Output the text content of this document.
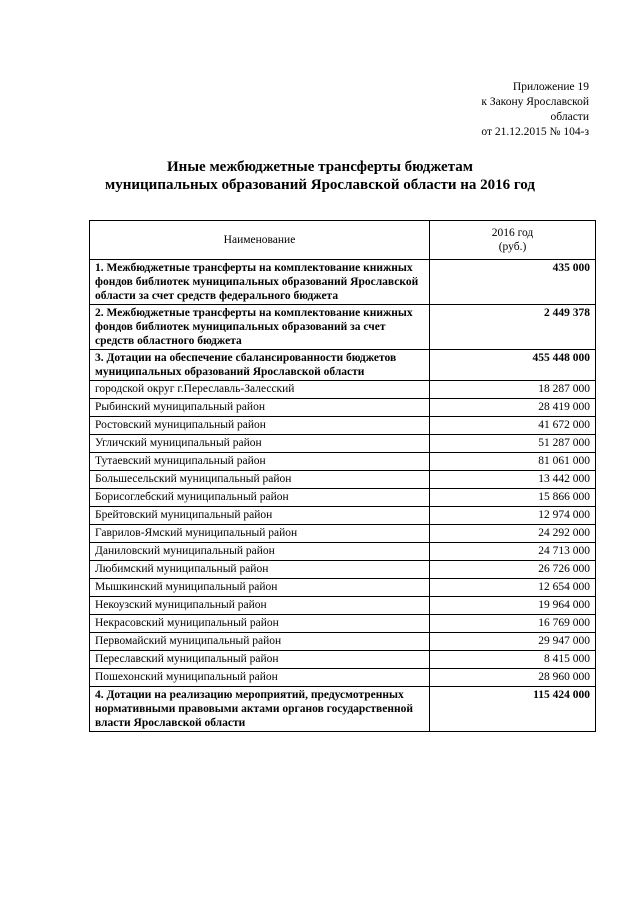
Приложение 19
к Закону Ярославской
области
от 21.12.2015 № 104-з
Иные межбюджетные трансферты бюджетам
муниципальных образований Ярославской области на 2016 год
Наименование	2016 год
(руб.)

1. Межбюджетные трансферты на комплектование книжных фондов библиотек муниципальных образований Ярославской области за счет средств федерального бюджета	435 000
2. Межбюджетные трансферты на комплектование книжных фондов библиотек муниципальных образований за счет средств областного бюджета	2 449 378
3. Дотации на обеспечение сбалансированности бюджетов муниципальных образований Ярославской области	455 448 000
городской округ г.Переславль-Залесский	18 287 000
Рыбинский муниципальный район	28 419 000
Ростовский муниципальный район	41 672 000
Угличский муниципальный район	51 287 000
Тутаевский муниципальный район	81 061 000
Большесельский муниципальный район	13 442 000
Борисоглебский муниципальный район	15 866 000
Брейтовский муниципальный район	12 974 000
Гаврилов-Ямский муниципальный район	24 292 000
Даниловский муниципальный район	24 713 000
Любимский муниципальный район	26 726 000
Мышкинский муниципальный район	12 654 000
Некоузский муниципальный район	19 964 000
Некрасовский муниципальный район	16 769 000
Первомайский муниципальный район	29 947 000
Переславский муниципальный район	8 415 000
Пошехонский муниципальный район	28 960 000
4. Дотации на реализацию мероприятий, предусмотренных нормативными правовыми актами органов государственной власти Ярославской области	115 424 000
